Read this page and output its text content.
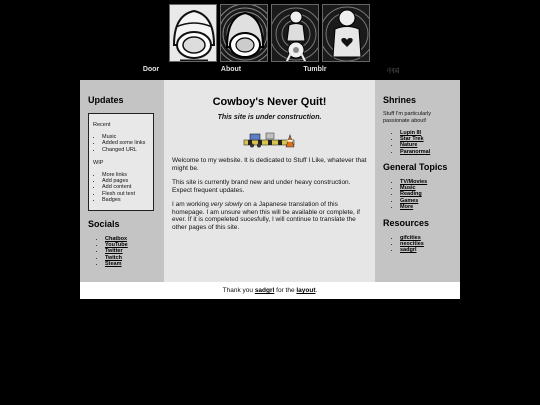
Door	About	Tumblr	中国
Updates
Recent
• Music
• Added some links
• Changed URL
WIP
• More links
• Add pages
• Add content
• Flesh out text
• Badges
Socials
• Chatbox
• YouTube
• Twitter
• Twitch
• Steam
Cowboy's Never Quit!

This site is under construction.

Welcome to my website. It is dedicated to Stuff I Like, whatever that might be.

This site is currently brand new and under heavy construction. Expect frequent updates.

I am working very slowly on a Japanese translation of this homepage. I am unsure when this will be available or complete, if ever. If it is compeleted sucesfully, I will continue to translate the other pages of this site.

Shrines

Stuff I'm particularly passionate about!

• Lupin III
• Star Trek
• Nature
• Paranormal
General Topics
• TV/Movies
• Music
• Reading
• Games
• More
Resources
• gifcities
• neocities
• sadgrl
Thank you sadgrl for the layout.
